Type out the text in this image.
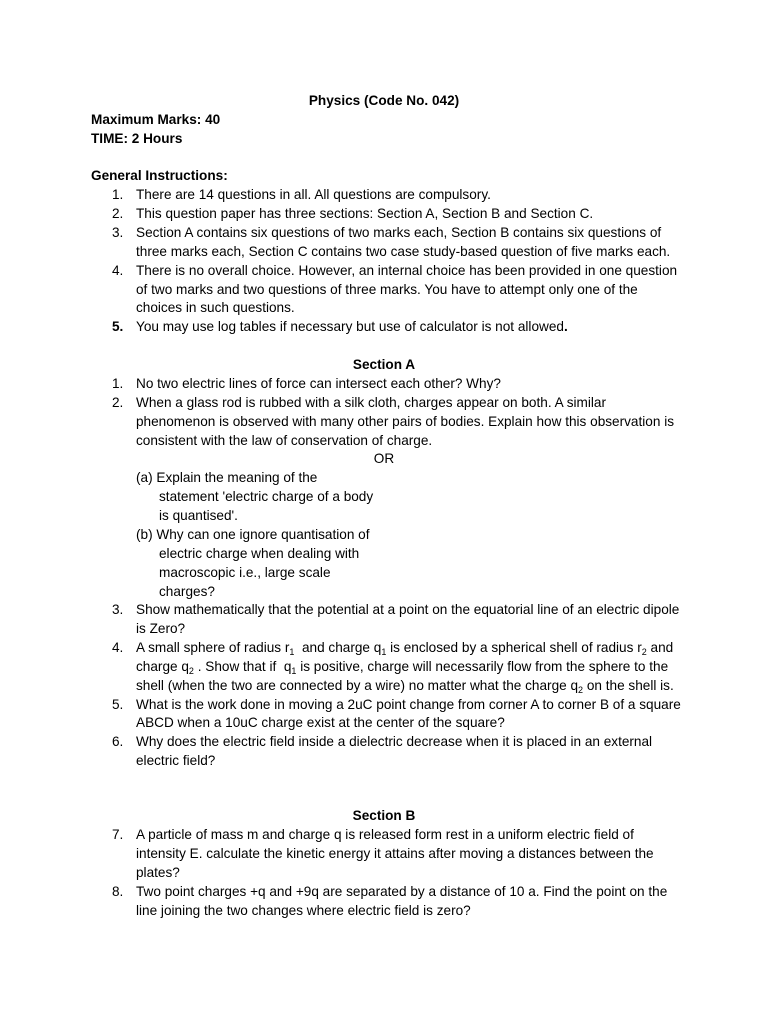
Physics (Code No. 042)
Maximum Marks: 40
TIME: 2 Hours
General Instructions:
1. There are 14 questions in all. All questions are compulsory.
2. This question paper has three sections: Section A, Section B and Section C.
3. Section A contains six questions of two marks each, Section B contains six questions of three marks each, Section C contains two case study-based question of five marks each.
4. There is no overall choice. However, an internal choice has been provided in one question of two marks and two questions of three marks. You have to attempt only one of the choices in such questions.
5. You may use log tables if necessary but use of calculator is not allowed.
Section A
1. No two electric lines of force can intersect each other? Why?
2. When a glass rod is rubbed with a silk cloth, charges appear on both. A similar phenomenon is observed with many other pairs of bodies. Explain how this observation is consistent with the law of conservation of charge.
OR
(a) Explain the meaning of the
statement 'electric charge of a body is quantised'.
(b) Why can one ignore quantisation of
electric charge when dealing with macroscopic i.e., large scale charges?
3. Show mathematically that the potential at a point on the equatorial line of an electric dipole is Zero?
4. A small sphere of radius $r_1$  and charge $q_1$ is enclosed by a spherical shell of radius $r_2$ and charge $q_2$ . Show that if  $q_1$ is positive, charge will necessarily flow from the sphere to the shell (when the two are connected by a wire) no matter what the charge $q_2$ on the shell is.
5. What is the work done in moving a 2uC point change from corner A to corner B of a square ABCD when a 10uC charge exist at the center of the square?
6. Why does the electric field inside a dielectric decrease when it is placed in an external electric field?
Section B
7. A particle of mass m and charge q is released form rest in a uniform electric field of intensity E. calculate the kinetic energy it attains after moving a distances between the plates?
8. Two point charges +q and +9q are separated by a distance of 10 a. Find the point on the line joining the two changes where electric field is zero?
